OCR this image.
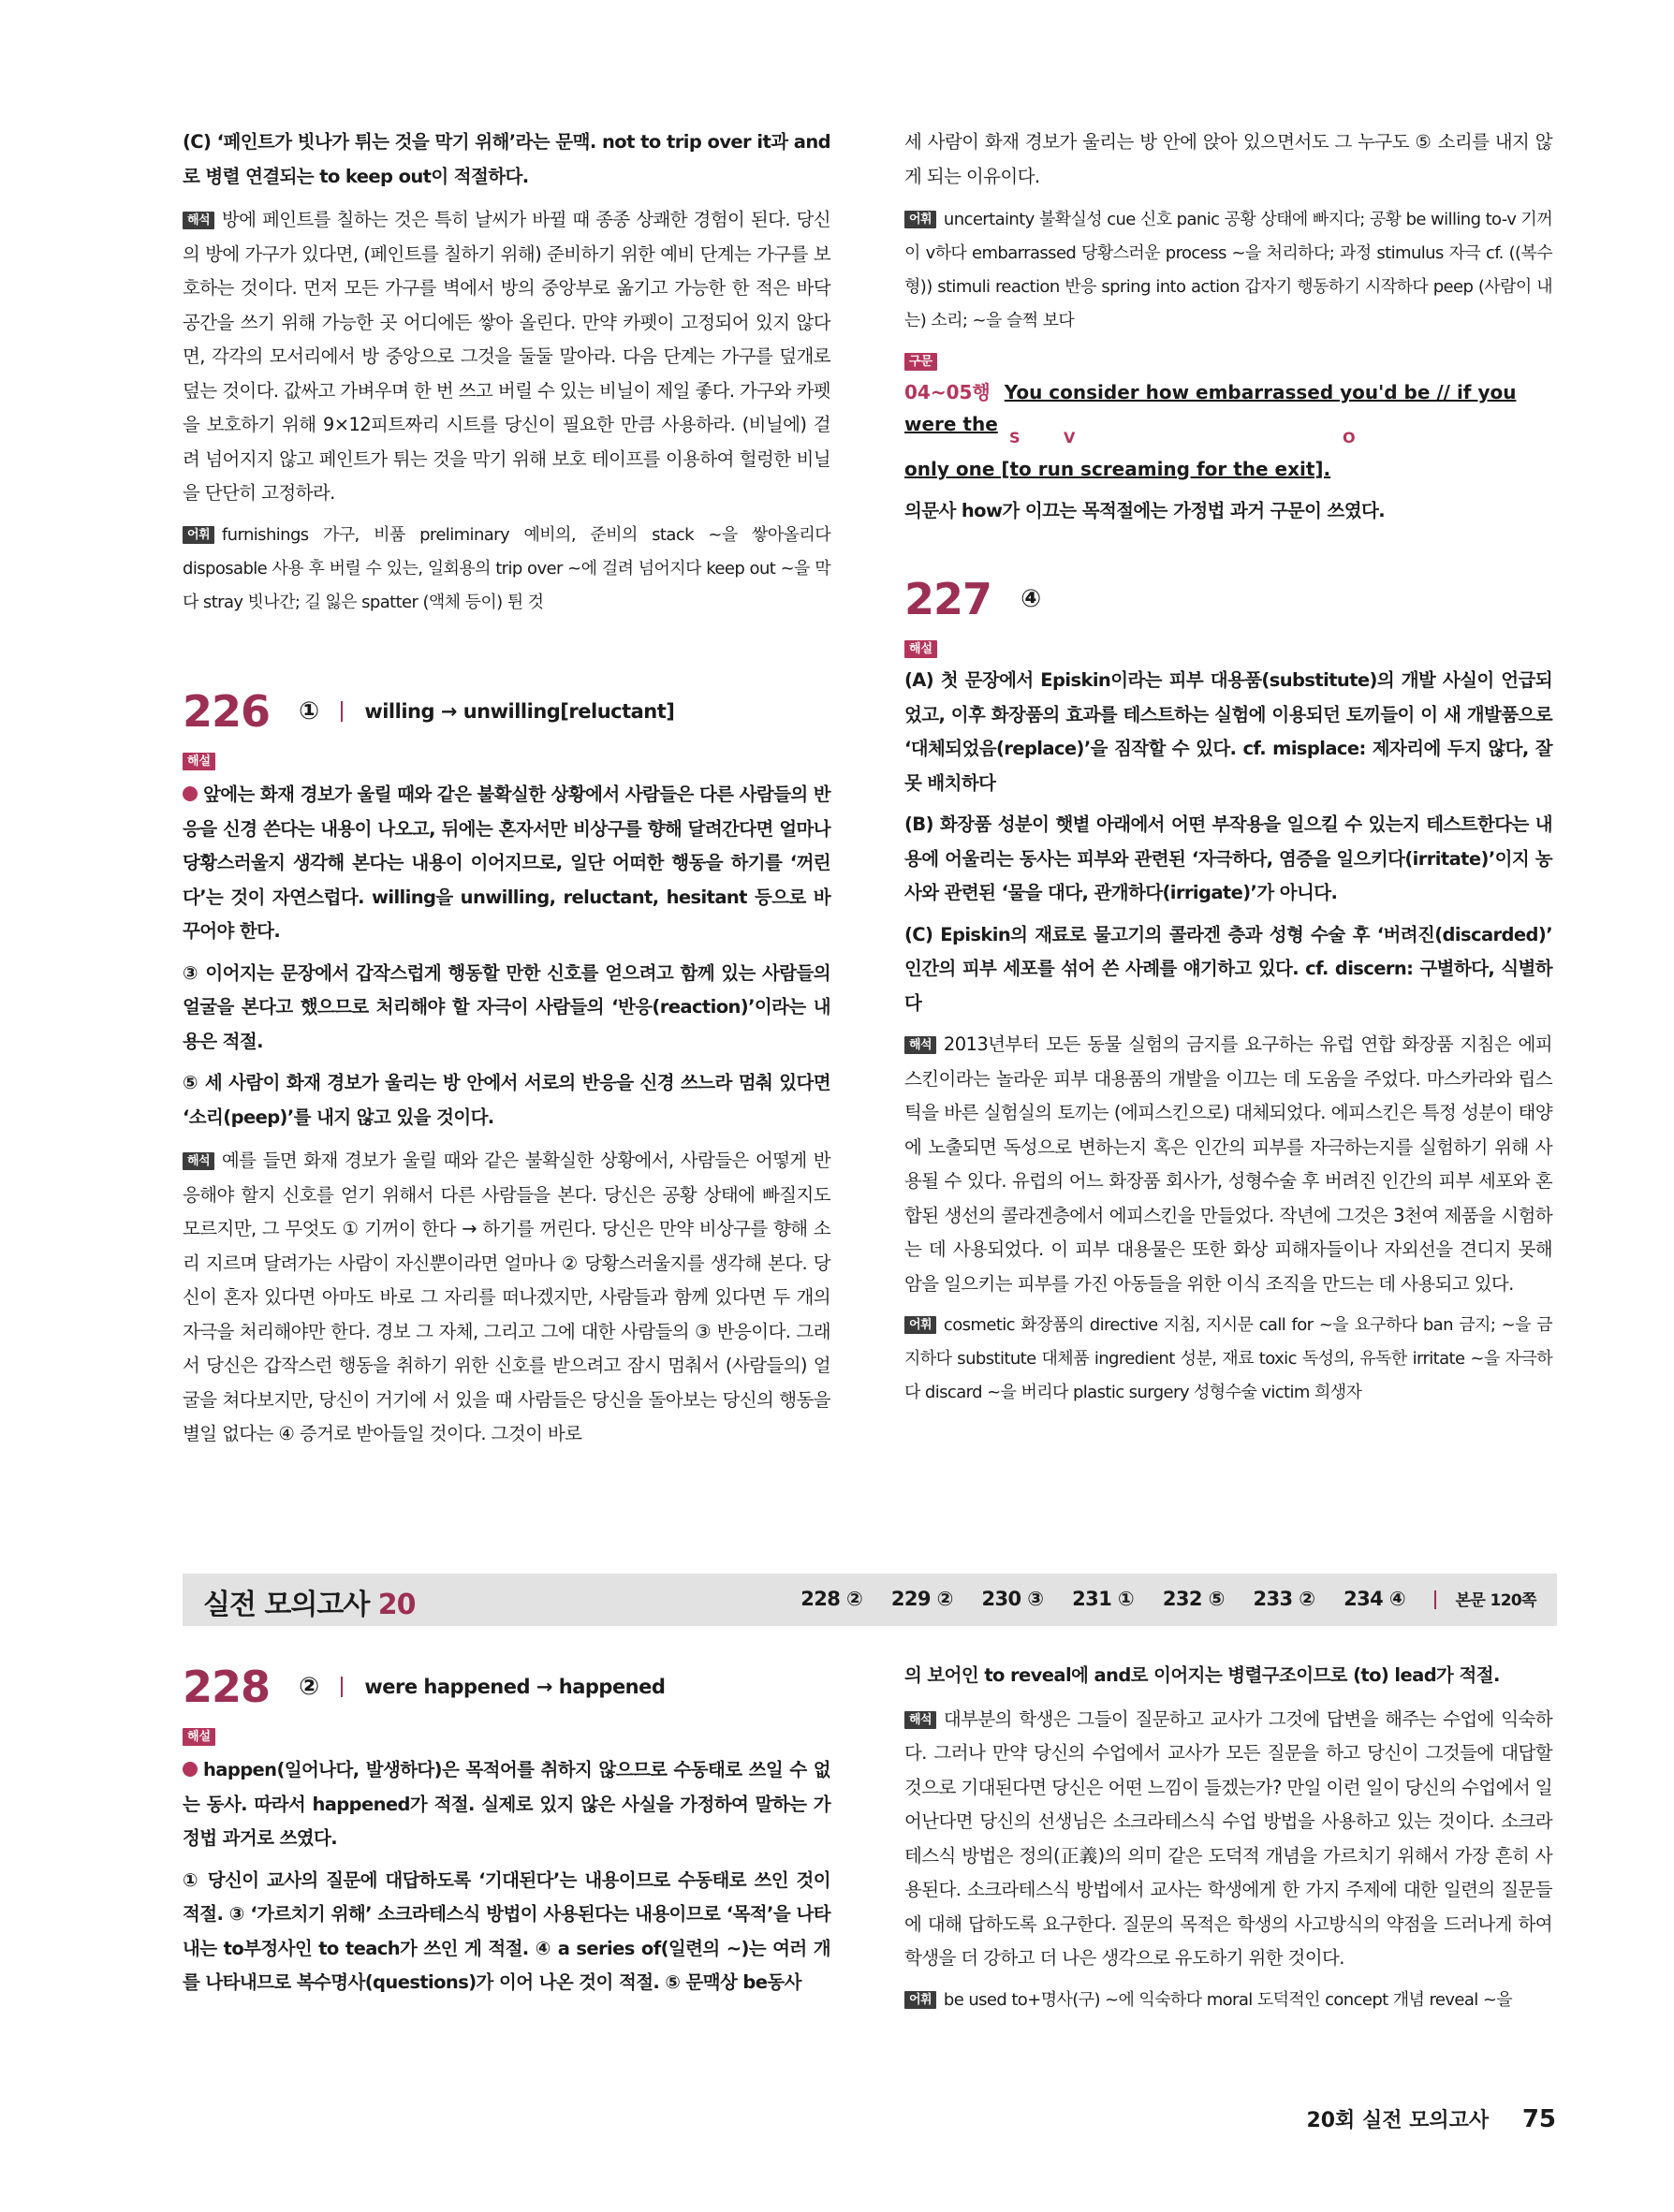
(C) ‘페인트가 빗나가 튀는 것을 막기 위해’라는 문맥. not to trip over it과 and로 병렬 연결되는 to keep out이 적절하다.

해석 방에 페인트를 칠하는 것은 특히 날씨가 바뀔 때 종종 상쾌한 경험이 된다. 당신의 방에 가구가 있다면, (페인트를 칠하기 위해) 준비하기 위한 예비 단계는 가구를 보호하는 것이다. 먼저 모든 가구를 벽에서 방의 중앙부로 옮기고 가능한 한 적은 바닥 공간을 쓰기 위해 가능한 곳 어디에든 쌓아 올린다. 만약 카펫이 고정되어 있지 않다면, 각각의 모서리에서 방 중앙으로 그것을 둘둘 말아라. 다음 단계는 가구를 덮개로 덮는 것이다. 값싸고 가벼우며 한 번 쓰고 버릴 수 있는 비닐이 제일 좋다. 가구와 카펫을 보호하기 위해 9×12피트짜리 시트를 당신이 필요한 만큼 사용하라. (비닐에) 걸려 넘어지지 않고 페인트가 튀는 것을 막기 위해 보호 테이프를 이용하여 헐렁한 비닐을 단단히 고정하라.

어휘 furnishings 가구, 비품 preliminary 예비의, 준비의 stack ~을 쌓아올리다 disposable 사용 후 버릴 수 있는, 일회용의 trip over ~에 걸려 넘어지다 keep out ~을 막다 stray 빗나간; 길 잃은 spatter (액체 등이) 튄 것

226 ① willing → unwilling[reluctant]
해설

앞에는 화재 경보가 울릴 때와 같은 불확실한 상황에서 사람들은 다른 사람들의 반응을 신경 쓴다는 내용이 나오고, 뒤에는 혼자서만 비상구를 향해 달려간다면 얼마나 당황스러울지 생각해 본다는 내용이 이어지므로, 일단 어떠한 행동을 하기를 ‘꺼린다’는 것이 자연스럽다. willing을 unwilling, reluctant, hesitant 등으로 바꾸어야 한다.

③ 이어지는 문장에서 갑작스럽게 행동할 만한 신호를 얻으려고 함께 있는 사람들의 얼굴을 본다고 했으므로 처리해야 할 자극이 사람들의 ‘반응(reaction)’이라는 내용은 적절.

⑤ 세 사람이 화재 경보가 울리는 방 안에서 서로의 반응을 신경 쓰느라 멈춰 있다면 ‘소리(peep)’를 내지 않고 있을 것이다.

해석 예를 들면 화재 경보가 울릴 때와 같은 불확실한 상황에서, 사람들은 어떻게 반응해야 할지 신호를 얻기 위해서 다른 사람들을 본다. 당신은 공황 상태에 빠질지도 모르지만, 그 무엇도 ① 기꺼이 한다 → 하기를 꺼린다. 당신은 만약 비상구를 향해 소리 지르며 달려가는 사람이 자신뿐이라면 얼마나 ② 당황스러울지를 생각해 본다. 당신이 혼자 있다면 아마도 바로 그 자리를 떠나겠지만, 사람들과 함께 있다면 두 개의 자극을 처리해야만 한다. 경보 그 자체, 그리고 그에 대한 사람들의 ③ 반응이다. 그래서 당신은 갑작스런 행동을 취하기 위한 신호를 받으려고 잠시 멈춰서 (사람들의) 얼굴을 쳐다보지만, 당신이 거기에 서 있을 때 사람들은 당신을 돌아보는 당신의 행동을 별일 없다는 ④ 증거로 받아들일 것이다. 그것이 바로

세 사람이 화재 경보가 울리는 방 안에 앉아 있으면서도 그 누구도 ⑤ 소리를 내지 않게 되는 이유이다.

어휘 uncertainty 불확실성 cue 신호 panic 공황 상태에 빠지다; 공황 be willing to-v 기꺼이 v하다 embarrassed 당황스러운 process ~을 처리하다; 과정 stimulus 자극 cf. ((복수형)) stimuli reaction 반응 spring into action 갑자기 행동하기 시작하다 peep (사람이 내는) 소리; ~을 슬쩍 보다

구문
04~05행 You consider how embarrassed you'd be // if you were the
S	V	O
only one [to run screaming for the exit].

의문사 how가 이끄는 목적절에는 가정법 과거 구문이 쓰였다.

227 ④
해설

(A) 첫 문장에서 Episkin이라는 피부 대용품(substitute)의 개발 사실이 언급되었고, 이후 화장품의 효과를 테스트하는 실험에 이용되던 토끼들이 이 새 개발품으로 ‘대체되었음(replace)’을 짐작할 수 있다. cf. misplace: 제자리에 두지 않다, 잘못 배치하다

(B) 화장품 성분이 햇볕 아래에서 어떤 부작용을 일으킬 수 있는지 테스트한다는 내용에 어울리는 동사는 피부와 관련된 ‘자극하다, 염증을 일으키다(irritate)’이지 농사와 관련된 ‘물을 대다, 관개하다(irrigate)’가 아니다.

(C) Episkin의 재료로 물고기의 콜라겐 층과 성형 수술 후 ‘버려진(discarded)’ 인간의 피부 세포를 섞어 쓴 사례를 얘기하고 있다. cf. discern: 구별하다, 식별하다

해석 2013년부터 모든 동물 실험의 금지를 요구하는 유럽 연합 화장품 지침은 에피스킨이라는 놀라운 피부 대용품의 개발을 이끄는 데 도움을 주었다. 마스카라와 립스틱을 바른 실험실의 토끼는 (에피스킨으로) 대체되었다. 에피스킨은 특정 성분이 태양에 노출되면 독성으로 변하는지 혹은 인간의 피부를 자극하는지를 실험하기 위해 사용될 수 있다. 유럽의 어느 화장품 회사가, 성형수술 후 버려진 인간의 피부 세포와 혼합된 생선의 콜라겐층에서 에피스킨을 만들었다. 작년에 그것은 3천여 제품을 시험하는 데 사용되었다. 이 피부 대용물은 또한 화상 피해자들이나 자외선을 견디지 못해 암을 일으키는 피부를 가진 아동들을 위한 이식 조직을 만드는 데 사용되고 있다.

어휘 cosmetic 화장품의 directive 지침, 지시문 call for ~을 요구하다 ban 금지; ~을 금지하다 substitute 대체품 ingredient 성분, 재료 toxic 독성의, 유독한 irritate ~을 자극하다 discard ~을 버리다 plastic surgery 성형수술 victim 희생자

실전 모의고사 20	228 ② 229 ② 230 ③ 231 ① 232 ⑤ 233 ② 234 ④	본문 120쪽
228 ② were happened → happened
해설

happen(일어나다, 발생하다)은 목적어를 취하지 않으므로 수동태로 쓰일 수 없는 동사. 따라서 happened가 적절. 실제로 있지 않은 사실을 가정하여 말하는 가정법 과거로 쓰였다.

① 당신이 교사의 질문에 대답하도록 ‘기대된다’는 내용이므로 수동태로 쓰인 것이 적절. ③ ‘가르치기 위해’ 소크라테스식 방법이 사용된다는 내용이므로 ‘목적’을 나타내는 to부정사인 to teach가 쓰인 게 적절. ④ a series of(일련의 ~)는 여러 개를 나타내므로 복수명사(questions)가 이어 나온 것이 적절. ⑤ 문맥상 be동사

의 보어인 to reveal에 and로 이어지는 병렬구조이므로 (to) lead가 적절.

해석 대부분의 학생은 그들이 질문하고 교사가 그것에 답변을 해주는 수업에 익숙하다. 그러나 만약 당신의 수업에서 교사가 모든 질문을 하고 당신이 그것들에 대답할 것으로 기대된다면 당신은 어떤 느낌이 들겠는가? 만일 이런 일이 당신의 수업에서 일어난다면 당신의 선생님은 소크라테스식 수업 방법을 사용하고 있는 것이다. 소크라테스식 방법은 정의(正義)의 의미 같은 도덕적 개념을 가르치기 위해서 가장 흔히 사용된다. 소크라테스식 방법에서 교사는 학생에게 한 가지 주제에 대한 일련의 질문들에 대해 답하도록 요구한다. 질문의 목적은 학생의 사고방식의 약점을 드러나게 하여 학생을 더 강하고 더 나은 생각으로 유도하기 위한 것이다.

어휘 be used to+명사(구) ~에 익숙하다 moral 도덕적인 concept 개념 reveal ~을

20회 실전 모의고사 75
